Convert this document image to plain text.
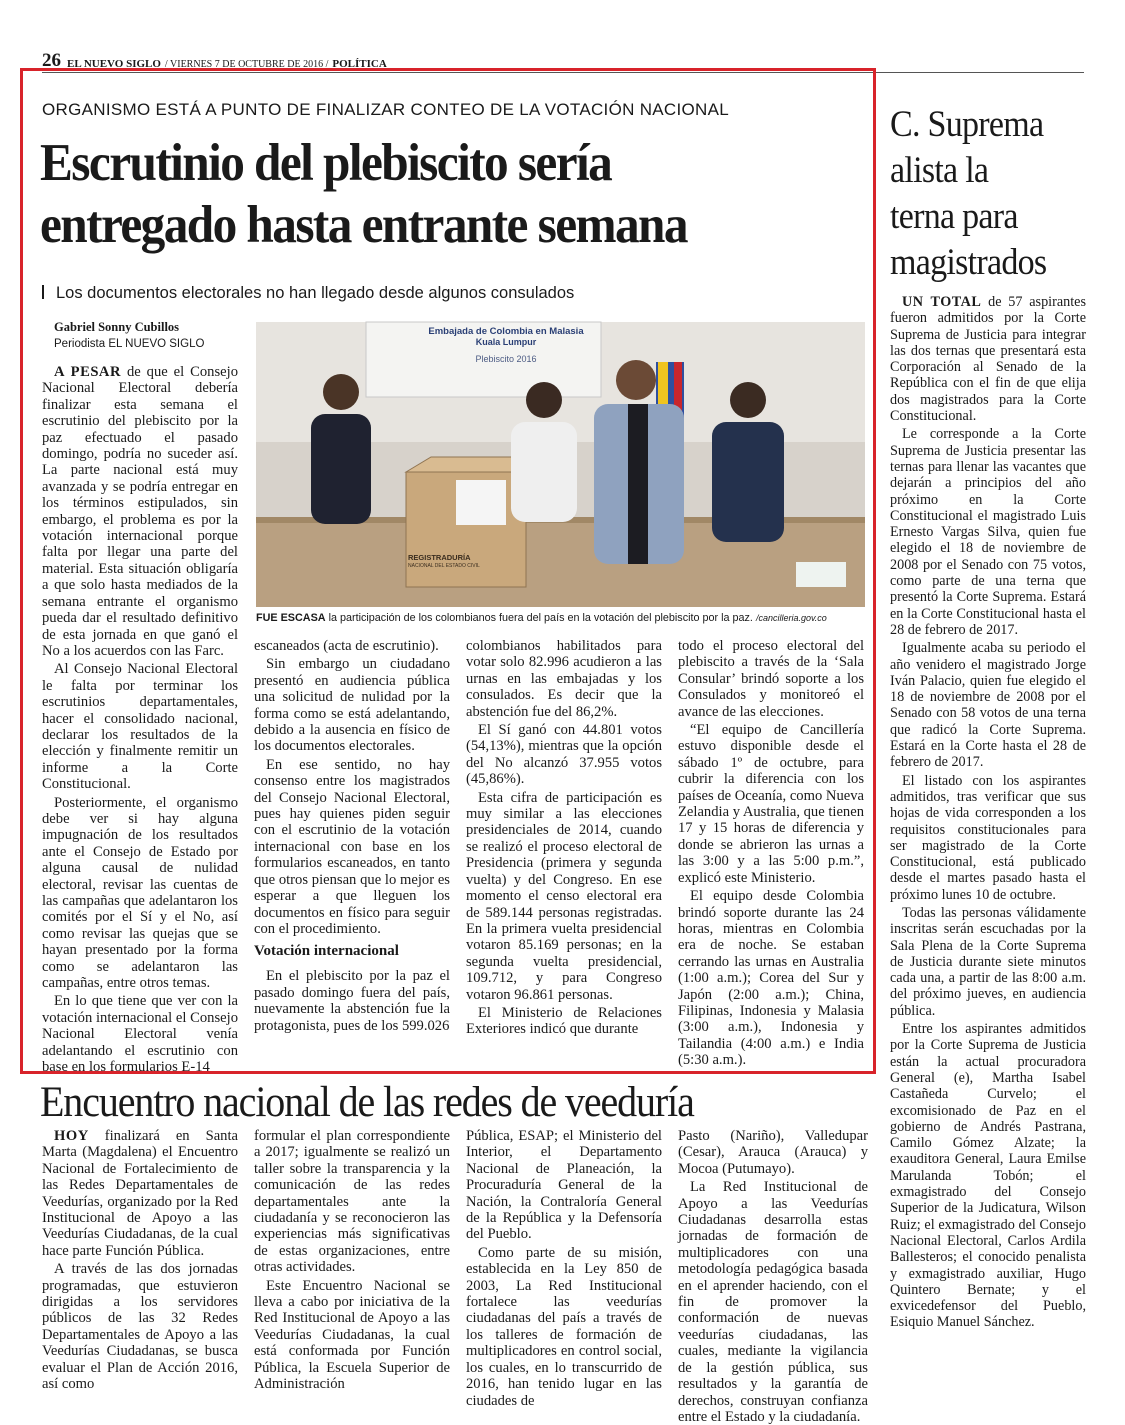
26 EL NUEVO SIGLO / VIERNES 7 DE OCTUBRE DE 2016 / POLÍTICA
ORGANISMO ESTÁ A PUNTO DE FINALIZAR CONTEO DE LA VOTACIÓN NACIONAL
Escrutinio del plebiscito sería
entregado hasta entrante semana
Los documentos electorales no han llegado desde algunos consulados
Gabriel Sonny Cubillos
Periodista EL NUEVO SIGLO
Embajada de Colombia en Malasia
Kuala Lumpur
Plebiscito 2016
REGISTRADURÍA
NACIONAL DEL ESTADO CIVIL
FUE ESCASA la participación de los colombianos fuera del país en la votación del plebiscito por la paz. /cancilleria.gov.co

A PESAR de que el Consejo Nacional Electoral debería finalizar esta semana el escrutinio del plebiscito por la paz efectuado el pasado domingo, podría no suceder así. La parte nacional está muy avanzada y se podría entregar en los términos estipulados, sin embargo, el problema es por la votación internacional porque falta por llegar una parte del material. Esta situación obligaría a que solo hasta mediados de la semana entrante el organismo pueda dar el resultado definitivo de esta jornada en que ganó el No a los acuerdos con las Farc.

Al Consejo Nacional Electoral le falta por terminar los escrutinios departamentales, hacer el consolidado nacional, declarar los resultados de la elección y finalmente remitir un informe a la Corte Constitucional.

Posteriormente, el organismo debe ver si hay alguna impugnación de los resultados ante el Consejo de Estado por alguna causal de nulidad electoral, revisar las cuentas de las campañas que adelantaron los comités por el Sí y el No, así como revisar las quejas que se hayan presentado por la forma como se adelantaron las campañas, entre otros temas.

En lo que tiene que ver con la votación internacional el Consejo Nacional Electoral venía adelantando el escrutinio con base en los formularios E-14

escaneados (acta de escrutinio).

Sin embargo un ciudadano presentó en audiencia pública una solicitud de nulidad por la forma como se está adelantando, debido a la ausencia en físico de los documentos electorales.

En ese sentido, no hay consenso entre los magistrados del Consejo Nacional Electoral, pues hay quienes piden seguir con el escrutinio de la votación internacional con base en los formularios escaneados, en tanto que otros piensan que lo mejor es esperar a que lleguen los documentos en físico para seguir con el procedimiento.

Votación internacional

En el plebiscito por la paz el pasado domingo fuera del país, nuevamente la abstención fue la protagonista, pues de los 599.026

colombianos habilitados para votar solo 82.996 acudieron a las urnas en las embajadas y los consulados. Es decir que la abstención fue del 86,2%.

El Sí ganó con 44.801 votos (54,13%), mientras que la opción del No alcanzó 37.955 votos (45,86%).

Esta cifra de participación es muy similar a las elecciones presidenciales de 2014, cuando se realizó el proceso electoral de Presidencia (primera y segunda vuelta) y del Congreso. En ese momento el censo electoral era de 589.144 personas registradas. En la primera vuelta presidencial votaron 85.169 personas; en la segunda vuelta presidencial, 109.712, y para Congreso votaron 96.861 personas.

El Ministerio de Relaciones Exteriores indicó que durante

todo el proceso electoral del plebiscito a través de la ‘Sala Consular’ brindó soporte a los Consulados y monitoreó el avance de las elecciones.

“El equipo de Cancillería estuvo disponible desde el sábado 1º de octubre, para cubrir la diferencia con los países de Oceanía, como Nueva Zelandia y Australia, que tienen 17 y 15 horas de diferencia y donde se abrieron las urnas a las 3:00 y a las 5:00 p.m.”, explicó este Ministerio.

El equipo desde Colombia brindó soporte durante las 24 horas, mientras en Colombia era de noche. Se estaban cerrando las urnas en Australia (1:00 a.m.); Corea del Sur y Japón (2:00 a.m.); China, Filipinas, Indonesia y Malasia (3:00 a.m.), Indonesia y Tailandia (4:00 a.m.) e India (5:30 a.m.).

C. Suprema
alista la
terna para
magistrados

UN TOTAL de 57 aspirantes fueron admitidos por la Corte Suprema de Justicia para integrar las dos ternas que presentará esta Corporación al Senado de la República con el fin de que elija dos magistrados para la Corte Constitucional.

Le corresponde a la Corte Suprema de Justicia presentar las ternas para llenar las vacantes que dejarán a principios del año próximo en la Corte Constitucional el magistrado Luis Ernesto Vargas Silva, quien fue elegido el 18 de noviembre de 2008 por el Senado con 75 votos, como parte de una terna que presentó la Corte Suprema. Estará en la Corte Constitucional hasta el 28 de febrero de 2017.

Igualmente acaba su periodo el año venidero el magistrado Jorge Iván Palacio, quien fue elegido el 18 de noviembre de 2008 por el Senado con 58 votos de una terna que radicó la Corte Suprema. Estará en la Corte hasta el 28 de febrero de 2017.

El listado con los aspirantes admitidos, tras verificar que sus hojas de vida corresponden a los requisitos constitucionales para ser magistrado de la Corte Constitucional, está publicado desde el martes pasado hasta el próximo lunes 10 de octubre.

Todas las personas válidamente inscritas serán escuchadas por la Sala Plena de la Corte Suprema de Justicia durante siete minutos cada una, a partir de las 8:00 a.m. del próximo jueves, en audiencia pública.

Entre los aspirantes admitidos por la Corte Suprema de Justicia están la actual procuradora General (e), Martha Isabel Castañeda Curvelo; el excomisionado de Paz en el gobierno de Andrés Pastrana, Camilo Gómez Alzate; la exauditora General, Laura Emilse Marulanda Tobón; el exmagistrado del Consejo Superior de la Judicatura, Wilson Ruiz; el exmagistrado del Consejo Nacional Electoral, Carlos Ardila Ballesteros; el conocido penalista y exmagistrado auxiliar, Hugo Quintero Bernate; y el exvicedefensor del Pueblo, Esiquio Manuel Sánchez.

Encuentro nacional de las redes de veeduría

HOY finalizará en Santa Marta (Magdalena) el Encuentro Nacional de Fortalecimiento de las Redes Departamentales de Veedurías, organizado por la Red Institucional de Apoyo a las Veedurías Ciudadanas, de la cual hace parte Función Pública.

A través de las dos jornadas programadas, que estuvieron dirigidas a los servidores públicos de las 32 Redes Departamentales de Apoyo a las Veedurías Ciudadanas, se busca evaluar el Plan de Acción 2016, así como

formular el plan correspondiente a 2017; igualmente se realizó un taller sobre la transparencia y la comunicación de las redes departamentales ante la ciudadanía y se reconocieron las experiencias más significativas de estas organizaciones, entre otras actividades.

Este Encuentro Nacional se lleva a cabo por iniciativa de la Red Institucional de Apoyo a las Veedurías Ciudadanas, la cual está conformada por Función Pública, la Escuela Superior de Administración

Pública, ESAP; el Ministerio del Interior, el Departamento Nacional de Planeación, la Procuraduría General de la Nación, la Contraloría General de la República y la Defensoría del Pueblo.

Como parte de su misión, establecida en la Ley 850 de 2003, La Red Institucional fortalece las veedurías ciudadanas del país a través de los talleres de formación de multiplicadores en control social, los cuales, en lo transcurrido de 2016, han tenido lugar en las ciudades de

Pasto (Nariño), Valledupar (Cesar), Arauca (Arauca) y Mocoa (Putumayo).

La Red Institucional de Apoyo a las Veedurías Ciudadanas desarrolla estas jornadas de formación de multiplicadores con una metodología pedagógica basada en el aprender haciendo, con el fin de promover la conformación de nuevas veedurías ciudadanas, las cuales, mediante la vigilancia de la gestión pública, sus resultados y la garantía de derechos, construyan confianza entre el Estado y la ciudadanía.
